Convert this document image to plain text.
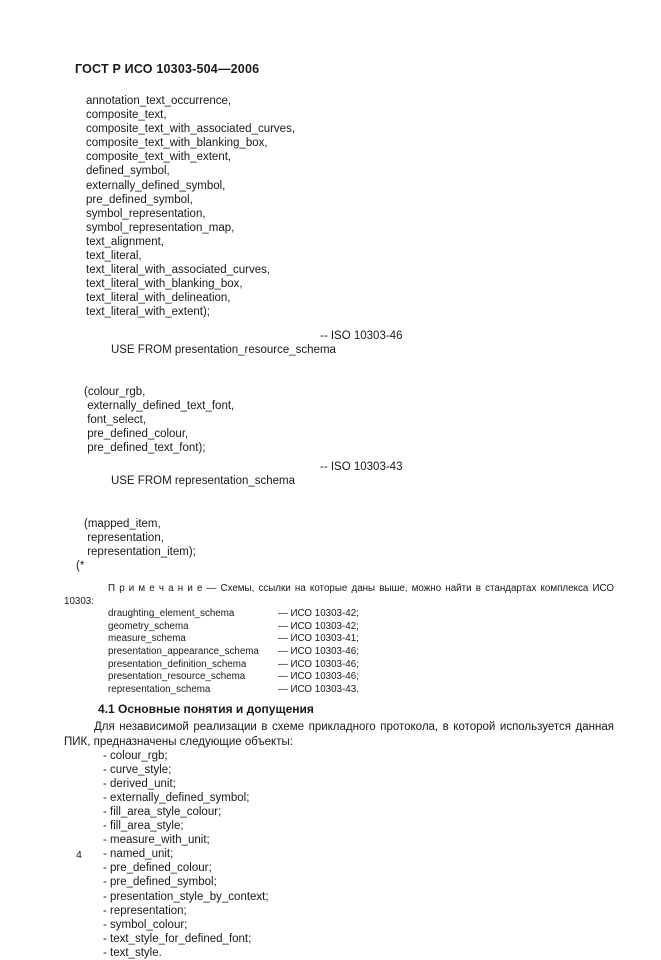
ГОСТ Р ИСО 10303-504—2006
annotation_text_occurrence,
composite_text,
composite_text_with_associated_curves,
composite_text_with_blanking_box,
composite_text_with_extent,
defined_symbol,
externally_defined_symbol,
pre_defined_symbol,
symbol_representation,
symbol_representation_map,
text_alignment,
text_literal,
text_literal_with_associated_curves,
text_literal_with_blanking_box,
text_literal_with_delineation,
text_literal_with_extent);

USE FROM presentation_resource_schema

-- ISO 10303-46

(colour_rgb,
externally_defined_text_font,
font_select,
pre_defined_colour,
pre_defined_text_font);

USE FROM representation_schema

-- ISO 10303-43

(mapped_item,
representation,
representation_item);
(*
П р и м е ч а н и е — Схемы, ссылки на которые даны выше, можно найти в стандартах комплекса ИСО 10303:
draughting_element_schema	— ИСО 10303-42;
geometry_schema	— ИСО 10303-42;
measure_schema	— ИСО 10303-41;
presentation_appearance_schema — ИСО 10303-46;
presentation_definition_schema	— ИСО 10303-46;
presentation_resource_schema	— ИСО 10303-46;
representation_schema	— ИСО 10303-43.
4.1 Основные понятия и допущения
Для независимой реализации в схеме прикладного протокола, в которой используется данная ПИК, предназначены следующие объекты:
- colour_rgb;
- curve_style;
- derived_unit;
- externally_defined_symbol;
- fill_area_style_colour;
- fill_area_style;
- measure_with_unit;
- named_unit;
- pre_defined_colour;
- pre_defined_symbol;
- presentation_style_by_context;
- representation;
- symbol_colour;
- text_style_for_defined_font;
- text_style.
4
